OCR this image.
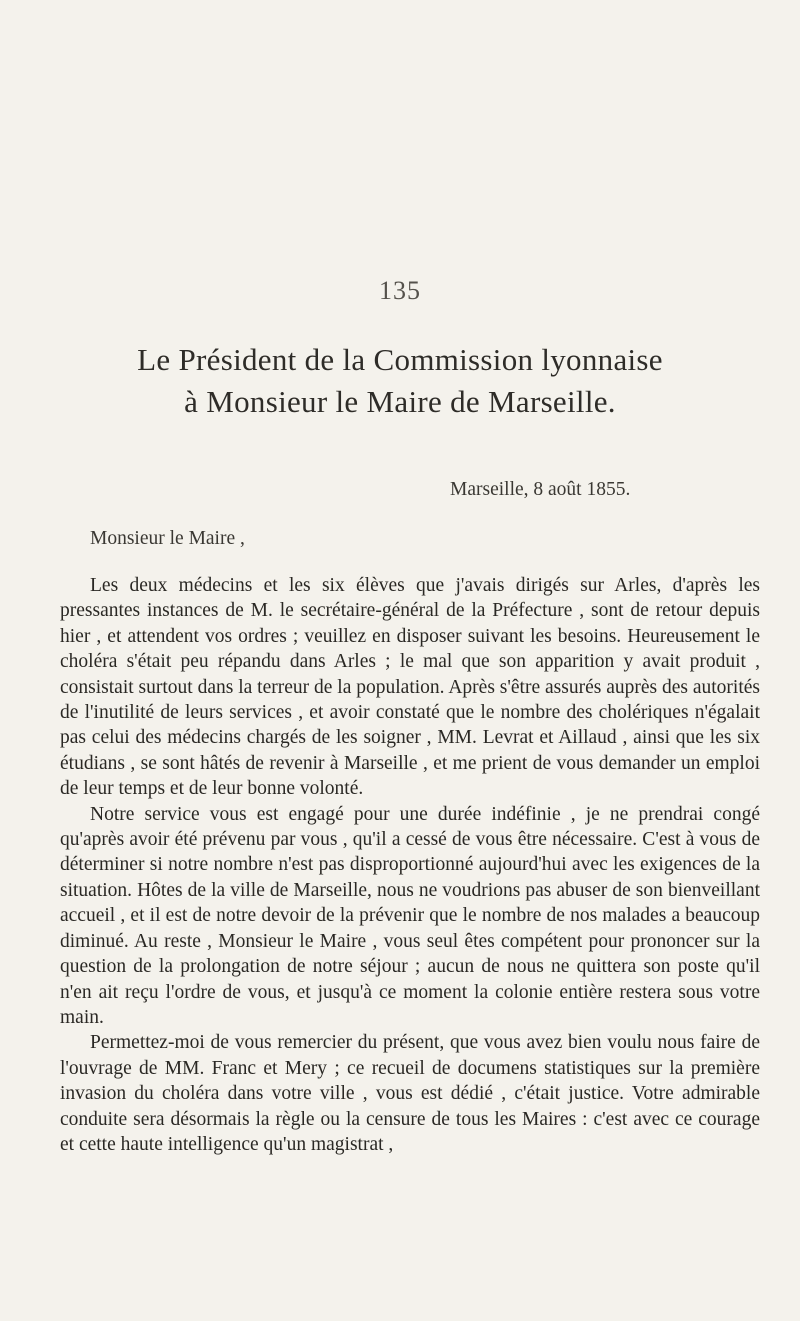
135
Le Président de la Commission lyonnaise
à Monsieur le Maire de Marseille.
Marseille, 8 août 1855.
Monsieur le Maire ,

Les deux médecins et les six élèves que j'avais dirigés sur Arles, d'après les pressantes instances de M. le secrétaire-général de la Préfecture , sont de retour depuis hier , et attendent vos ordres ; veuillez en disposer suivant les besoins. Heureusement le choléra s'était peu répandu dans Arles ; le mal que son apparition y avait produit , consistait surtout dans la terreur de la population. Après s'être assurés auprès des autorités de l'inutilité de leurs services , et avoir constaté que le nombre des cholériques n'égalait pas celui des médecins chargés de les soigner , MM. Levrat et Aillaud , ainsi que les six étudians , se sont hâtés de revenir à Marseille , et me prient de vous demander un emploi de leur temps et de leur bonne volonté.

Notre service vous est engagé pour une durée indéfinie , je ne prendrai congé qu'après avoir été prévenu par vous , qu'il a cessé de vous être nécessaire. C'est à vous de déterminer si notre nombre n'est pas disproportionné aujourd'hui avec les exigences de la situation. Hôtes de la ville de Marseille, nous ne voudrions pas abuser de son bienveillant accueil , et il est de notre devoir de la prévenir que le nombre de nos malades a beaucoup diminué. Au reste , Monsieur le Maire , vous seul êtes compétent pour prononcer sur la question de la prolongation de notre séjour ; aucun de nous ne quittera son poste qu'il n'en ait reçu l'ordre de vous, et jusqu'à ce moment la colonie entière restera sous votre main.

Permettez-moi de vous remercier du présent, que vous avez bien voulu nous faire de l'ouvrage de MM. Franc et Mery ; ce recueil de documens statistiques sur la première invasion du choléra dans votre ville , vous est dédié , c'était justice. Votre admirable conduite sera désormais la règle ou la censure de tous les Maires : c'est avec ce courage et cette haute intelligence qu'un magistrat ,
